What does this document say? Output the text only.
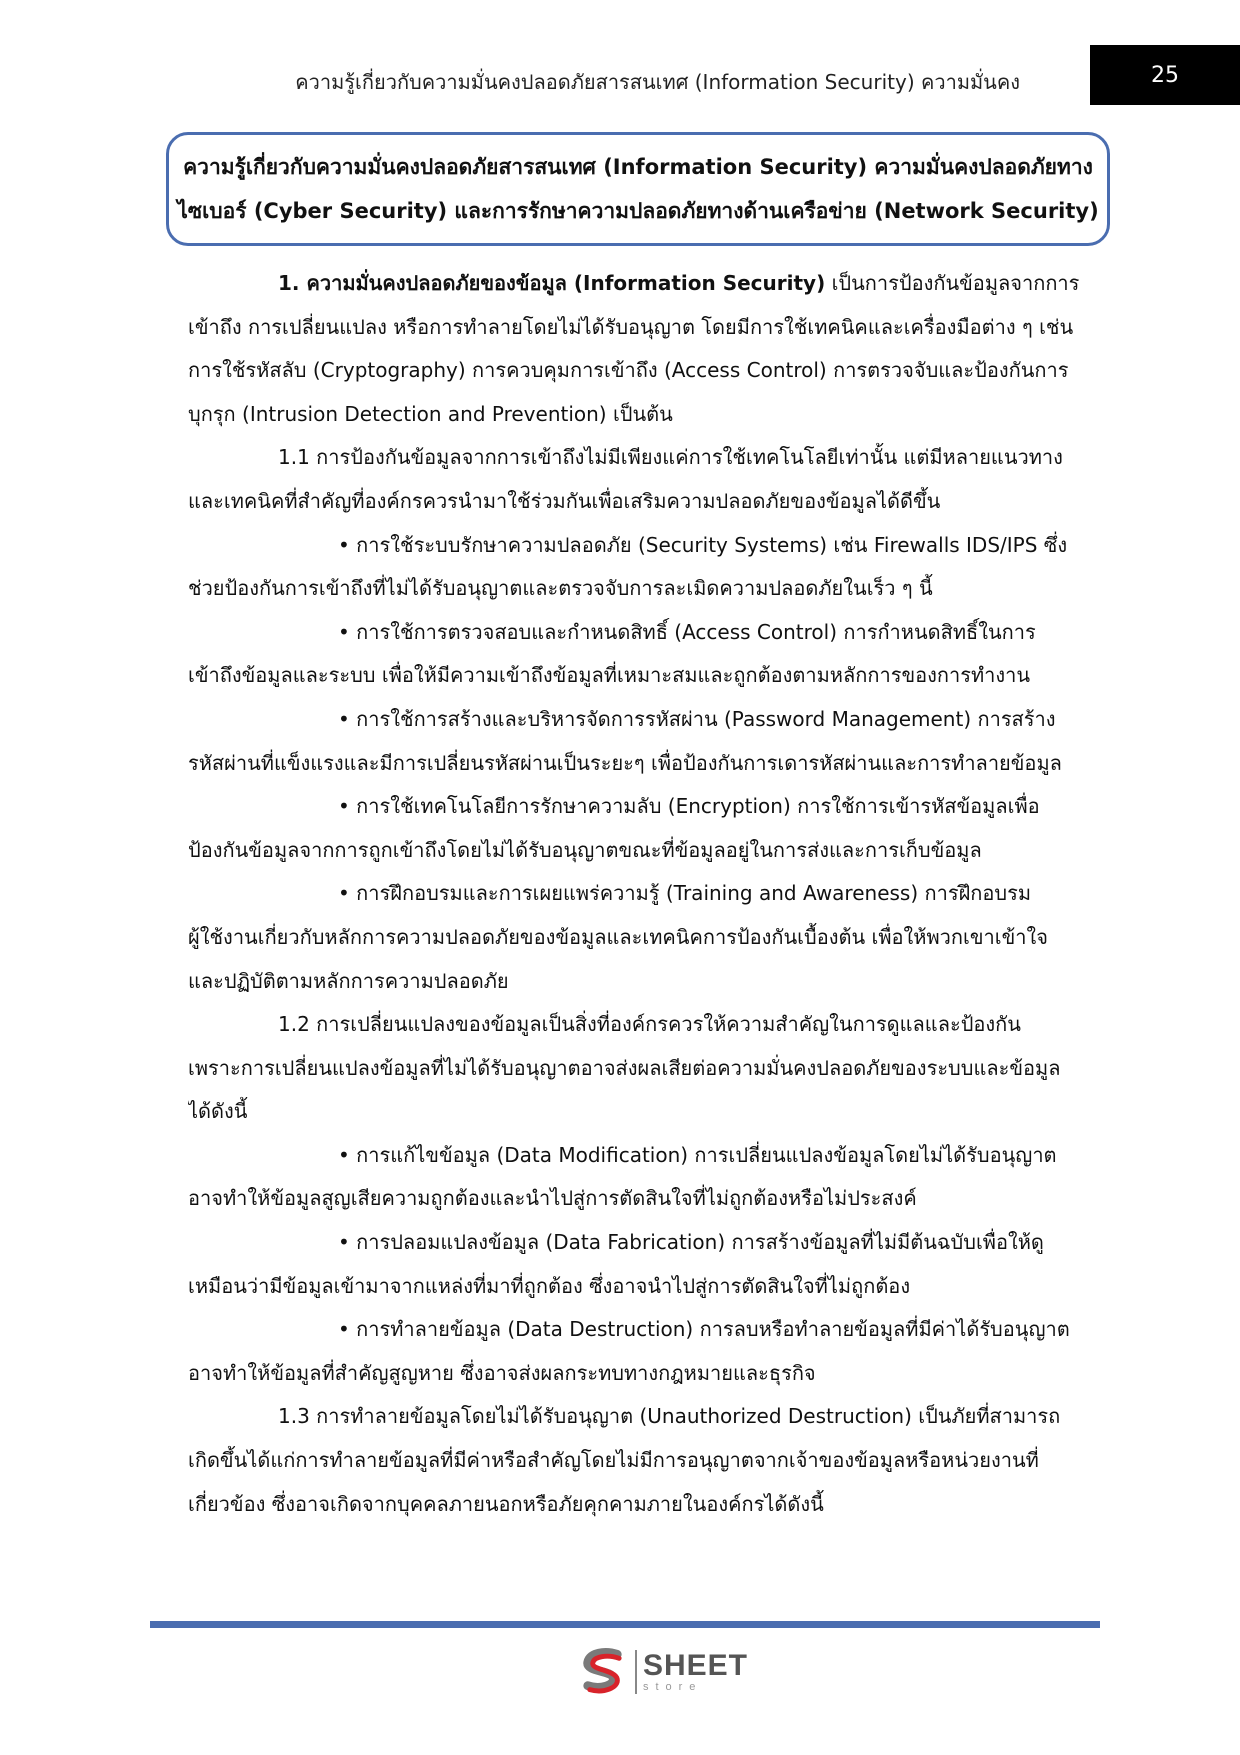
ความรู้เกี่ยวกับความมั่นคงปลอดภัยสารสนเทศ (Information Security) ความมั่นคง	25
ความรู้เกี่ยวกับความมั่นคงปลอดภัยสารสนเทศ (Information Security) ความมั่นคงปลอดภัยทาง
ไซเบอร์ (Cyber Security) และการรักษาความปลอดภัยทางด้านเครือข่าย (Network Security)
1. ความมั่นคงปลอดภัยของข้อมูล (Information Security) เป็นการป้องกันข้อมูลจากการ
เข้าถึง การเปลี่ยนแปลง หรือการทำลายโดยไม่ได้รับอนุญาต โดยมีการใช้เทคนิคและเครื่องมือต่าง ๆ เช่น
การใช้รหัสลับ (Cryptography) การควบคุมการเข้าถึง (Access Control) การตรวจจับและป้องกันการ
บุกรุก (Intrusion Detection and Prevention) เป็นต้น
1.1 การป้องกันข้อมูลจากการเข้าถึงไม่มีเพียงแค่การใช้เทคโนโลยีเท่านั้น แต่มีหลายแนวทาง
และเทคนิคที่สำคัญที่องค์กรควรนำมาใช้ร่วมกันเพื่อเสริมความปลอดภัยของข้อมูลได้ดีขึ้น
• การใช้ระบบรักษาความปลอดภัย (Security Systems) เช่น Firewalls IDS/IPS ซึ่ง
ช่วยป้องกันการเข้าถึงที่ไม่ได้รับอนุญาตและตรวจจับการละเมิดความปลอดภัยในเร็ว ๆ นี้
• การใช้การตรวจสอบและกำหนดสิทธิ์ (Access Control) การกำหนดสิทธิ์ในการ
เข้าถึงข้อมูลและระบบ เพื่อให้มีความเข้าถึงข้อมูลที่เหมาะสมและถูกต้องตามหลักการของการทำงาน
• การใช้การสร้างและบริหารจัดการรหัสผ่าน (Password Management) การสร้าง
รหัสผ่านที่แข็งแรงและมีการเปลี่ยนรหัสผ่านเป็นระยะๆ เพื่อป้องกันการเดารหัสผ่านและการทำลายข้อมูล
• การใช้เทคโนโลยีการรักษาความลับ (Encryption) การใช้การเข้ารหัสข้อมูลเพื่อ
ป้องกันข้อมูลจากการถูกเข้าถึงโดยไม่ได้รับอนุญาตขณะที่ข้อมูลอยู่ในการส่งและการเก็บข้อมูล
• การฝึกอบรมและการเผยแพร่ความรู้ (Training and Awareness) การฝึกอบรม
ผู้ใช้งานเกี่ยวกับหลักการความปลอดภัยของข้อมูลและเทคนิคการป้องกันเบื้องต้น เพื่อให้พวกเขาเข้าใจ
และปฏิบัติตามหลักการความปลอดภัย
1.2 การเปลี่ยนแปลงของข้อมูลเป็นสิ่งที่องค์กรควรให้ความสำคัญในการดูแลและป้องกัน
เพราะการเปลี่ยนแปลงข้อมูลที่ไม่ได้รับอนุญาตอาจส่งผลเสียต่อความมั่นคงปลอดภัยของระบบและข้อมูล
ได้ดังนี้
• การแก้ไขข้อมูล (Data Modification) การเปลี่ยนแปลงข้อมูลโดยไม่ได้รับอนุญาต
อาจทำให้ข้อมูลสูญเสียความถูกต้องและนำไปสู่การตัดสินใจที่ไม่ถูกต้องหรือไม่ประสงค์
• การปลอมแปลงข้อมูล (Data Fabrication) การสร้างข้อมูลที่ไม่มีต้นฉบับเพื่อให้ดู
เหมือนว่ามีข้อมูลเข้ามาจากแหล่งที่มาที่ถูกต้อง ซึ่งอาจนำไปสู่การตัดสินใจที่ไม่ถูกต้อง
• การทำลายข้อมูล (Data Destruction) การลบหรือทำลายข้อมูลที่มีค่าได้รับอนุญาต
อาจทำให้ข้อมูลที่สำคัญสูญหาย ซึ่งอาจส่งผลกระทบทางกฎหมายและธุรกิจ
1.3 การทำลายข้อมูลโดยไม่ได้รับอนุญาต (Unauthorized Destruction) เป็นภัยที่สามารถ
เกิดขึ้นได้แก่การทำลายข้อมูลที่มีค่าหรือสำคัญโดยไม่มีการอนุญาตจากเจ้าของข้อมูลหรือหน่วยงานที่
เกี่ยวข้อง ซึ่งอาจเกิดจากบุคคลภายนอกหรือภัยคุกคามภายในองค์กรได้ดังนี้
SHEET
store
